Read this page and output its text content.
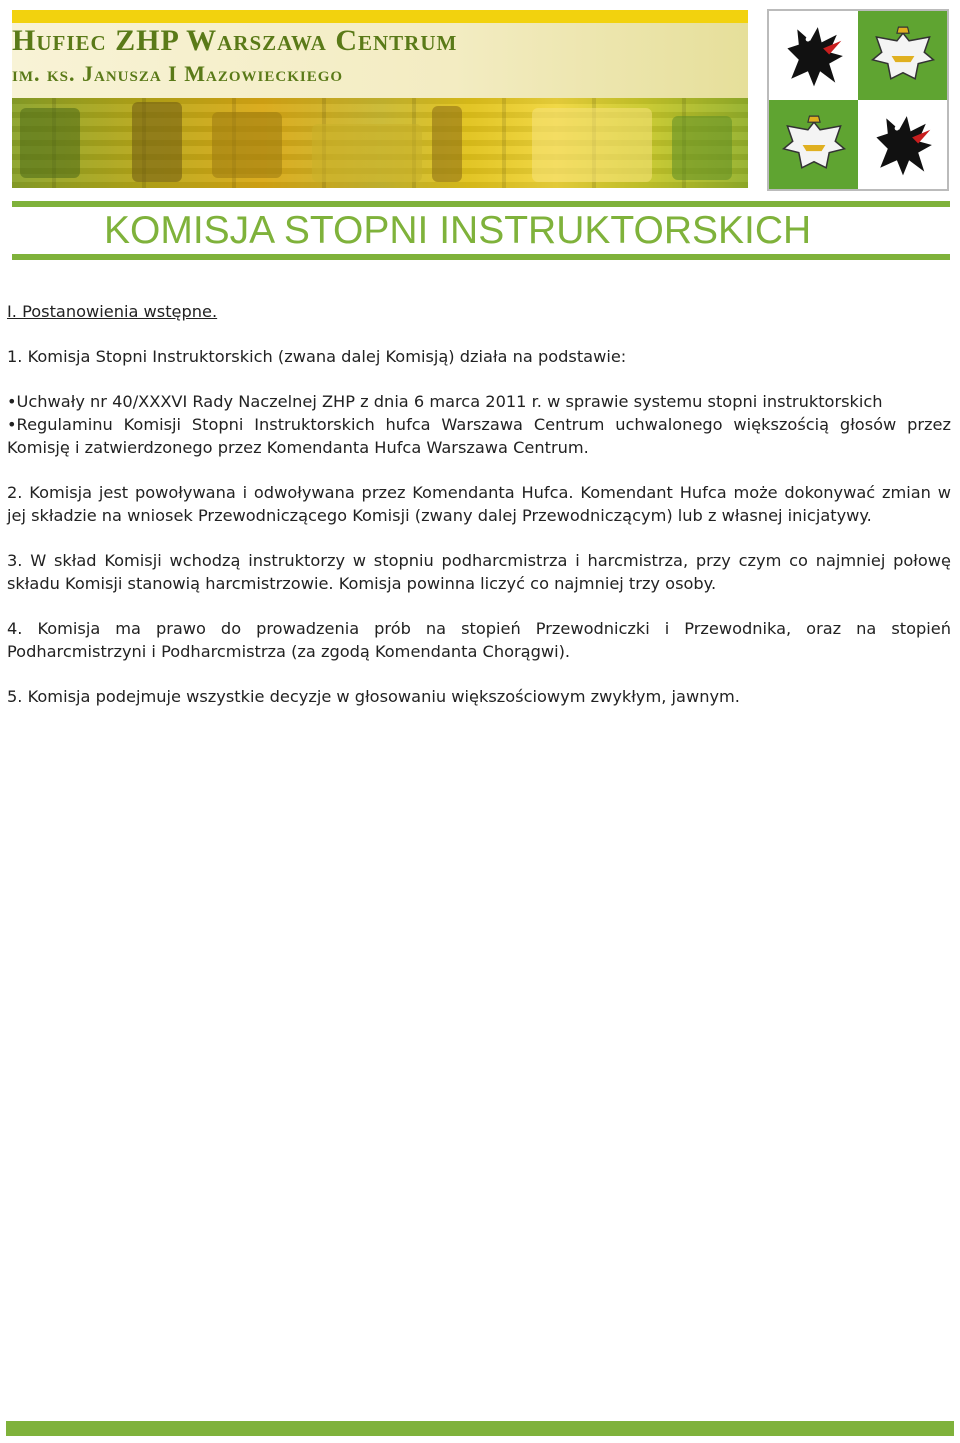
Hufiec ZHP Warszawa Centrum
im. ks. Janusza I Mazowieckiego
KOMISJA STOPNI INSTRUKTORSKICH

I. Postanowienia wstępne.

1. Komisja Stopni Instruktorskich (zwana dalej Komisją) działa na podstawie:

•Uchwały nr 40/XXXVI Rady Naczelnej ZHP z dnia 6 marca 2011 r. w sprawie systemu stopni instruktorskich

•Regulaminu Komisji Stopni Instruktorskich hufca Warszawa Centrum uchwalonego większością głosów przez Komisję i zatwierdzonego przez Komendanta Hufca Warszawa Centrum.

2. Komisja jest powoływana i odwoływana przez Komendanta Hufca. Komendant Hufca może dokonywać zmian w jej składzie na wniosek Przewodniczącego Komisji (zwany dalej Przewodniczącym) lub z własnej inicjatywy.

3. W skład Komisji wchodzą instruktorzy w stopniu podharcmistrza i harcmistrza, przy czym co najmniej połowę składu Komisji stanowią harcmistrzowie. Komisja powinna liczyć co najmniej trzy osoby.

4. Komisja ma prawo do prowadzenia prób na stopień Przewodniczki i Przewodnika, oraz na stopień Podharcmistrzyni i Podharcmistrza (za zgodą Komendanta Chorągwi).

5. Komisja podejmuje wszystkie decyzje w głosowaniu większościowym zwykłym, jawnym.
